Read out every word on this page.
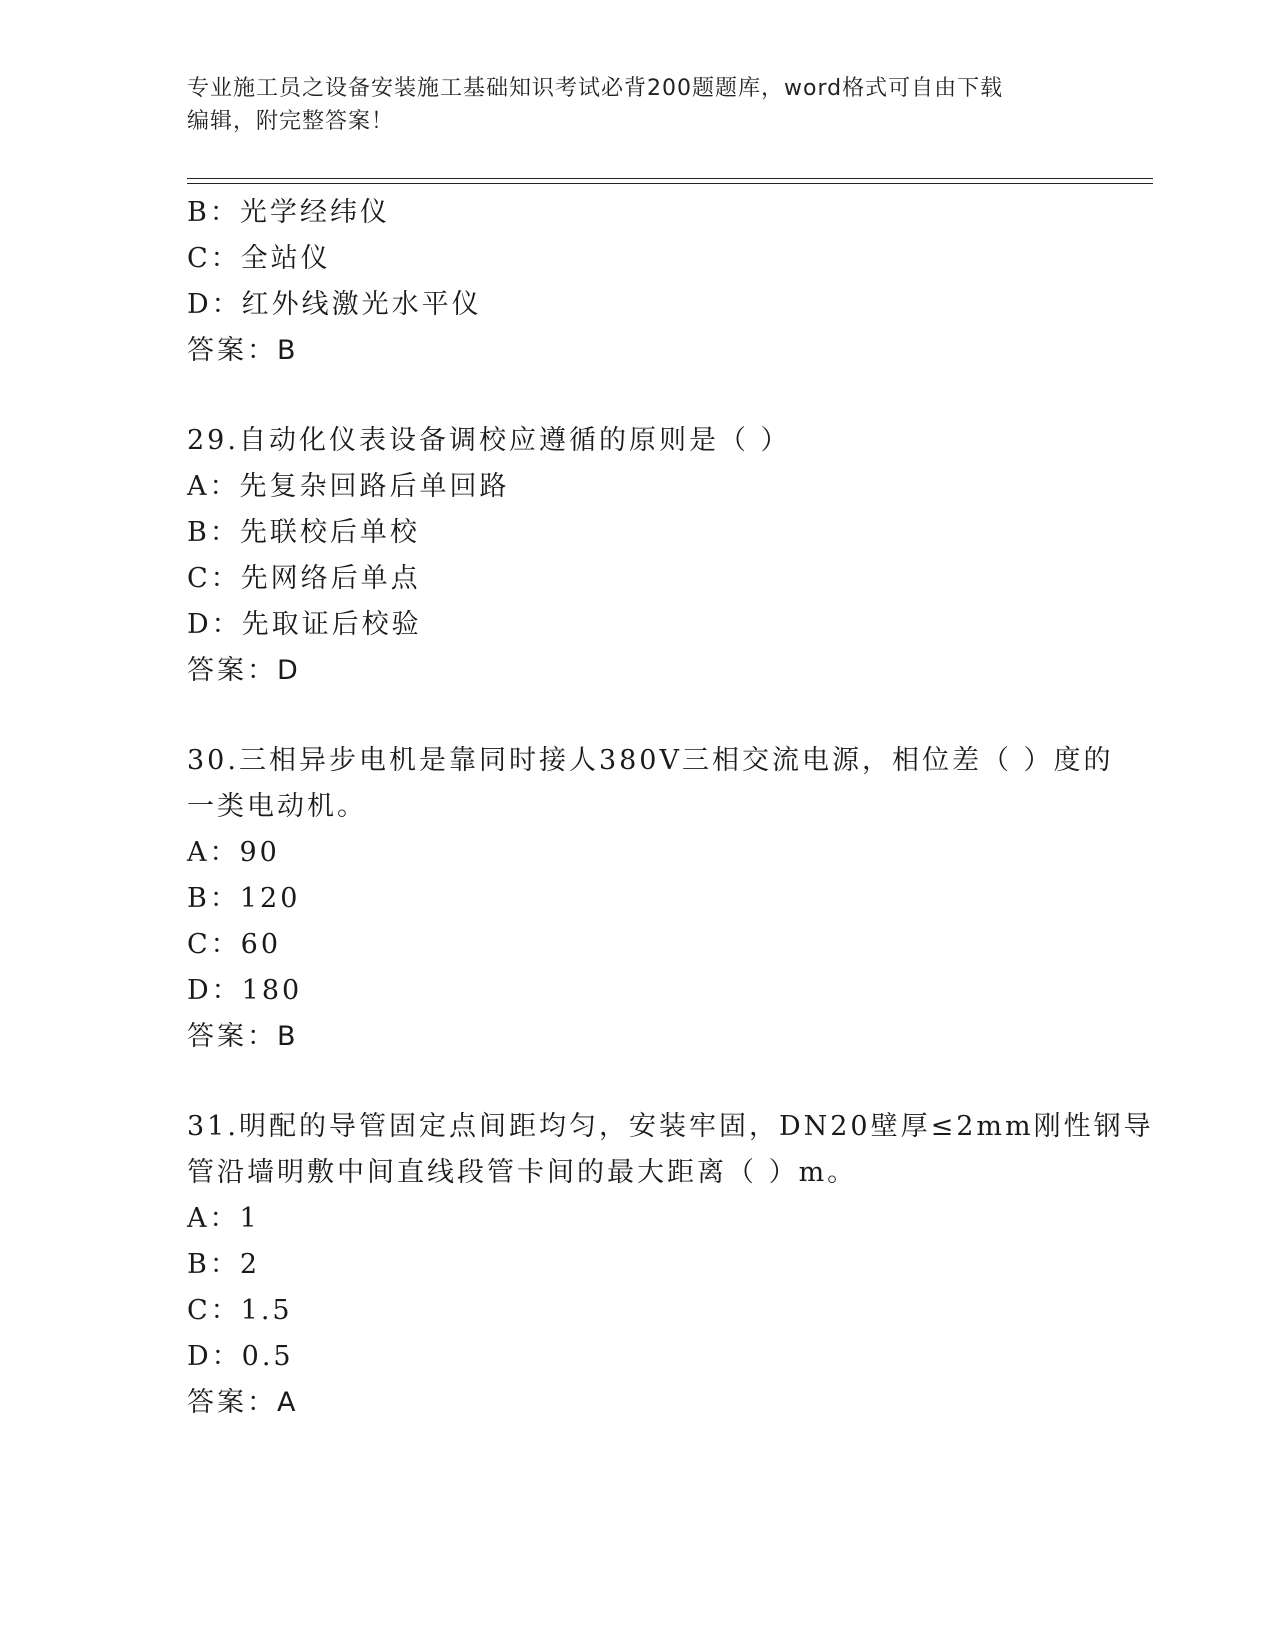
专业施工员之设备安装施工基础知识考试必背200题题库，word格式可自由下载
编辑，附完整答案！
B：光学经纬仪
C：全站仪
D：红外线激光水平仪
答案：B
29.自动化仪表设备调校应遵循的原则是（ ）
A：先复杂回路后单回路
B：先联校后单校
C：先网络后单点
D：先取证后校验
答案：D
30.三相异步电机是靠同时接人380V三相交流电源，相位差（ ）度的
一类电动机。
A：90
B：120
C：60
D：180
答案：B
31.明配的导管固定点间距均匀，安装牢固，DN20壁厚≤2mm刚性钢导
管沿墙明敷中间直线段管卡间的最大距离（ ）m。
A：1
B：2
C：1.5
D：0.5
答案：A
